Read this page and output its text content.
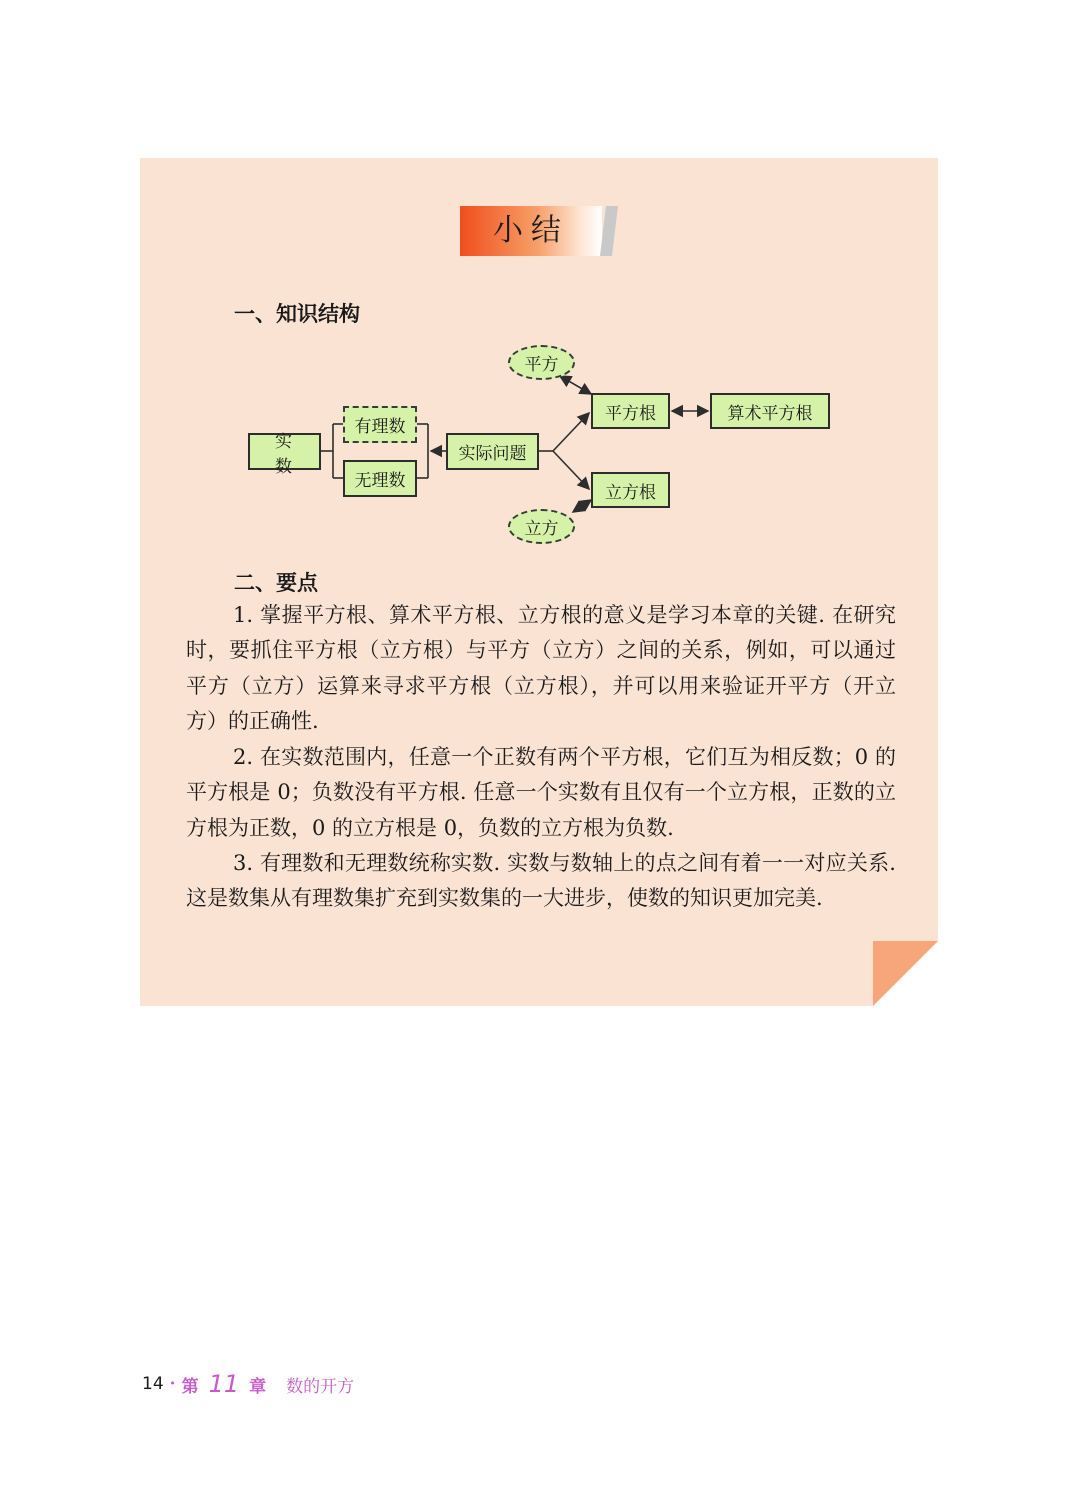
小结
一、知识结构
实 数
有理数
无理数
实际问题
平方根	算术平方根
立方根
平方
立方
二、要点
1. 掌握平方根、算术平方根、立方根的意义是学习本章的关键. 在研究时，要抓住平方根（立方根）与平方（立方）之间的关系，例如，可以通过平方（立方）运算来寻求平方根（立方根），并可以用来验证开平方（开立方）的正确性.
2. 在实数范围内，任意一个正数有两个平方根，它们互为相反数；0 的平方根是 0；负数没有平方根. 任意一个实数有且仅有一个立方根，正数的立方根为正数，0 的立方根是 0，负数的立方根为负数.
3. 有理数和无理数统称实数. 实数与数轴上的点之间有着一一对应关系. 这是数集从有理数集扩充到实数集的一大进步，使数的知识更加完美.
14 · 第 11 章 数的开方
